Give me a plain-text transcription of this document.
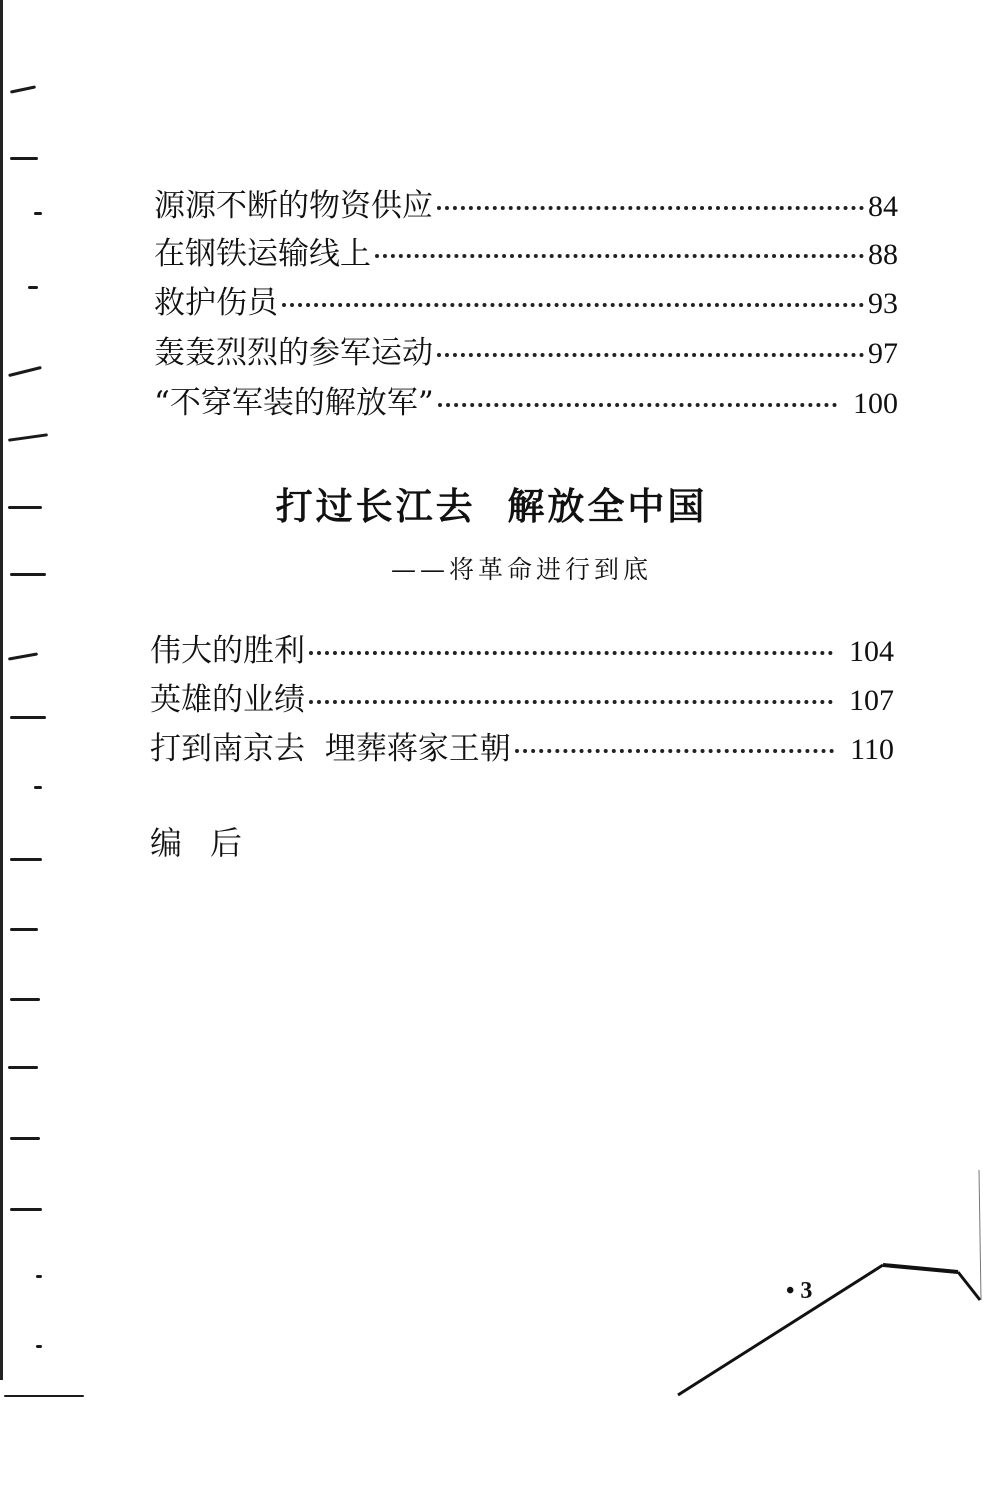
源源不断的物资供应	84
在钢铁运输线上	88
救护伤员	93
轰轰烈烈的参军运动	97
“不穿军装的解放军”	100
打过长江去  解放全中国
——将革命进行到底
伟大的胜利	104
英雄的业绩	107
打到南京去  埋葬蒋家王朝	110
编后
• 3
